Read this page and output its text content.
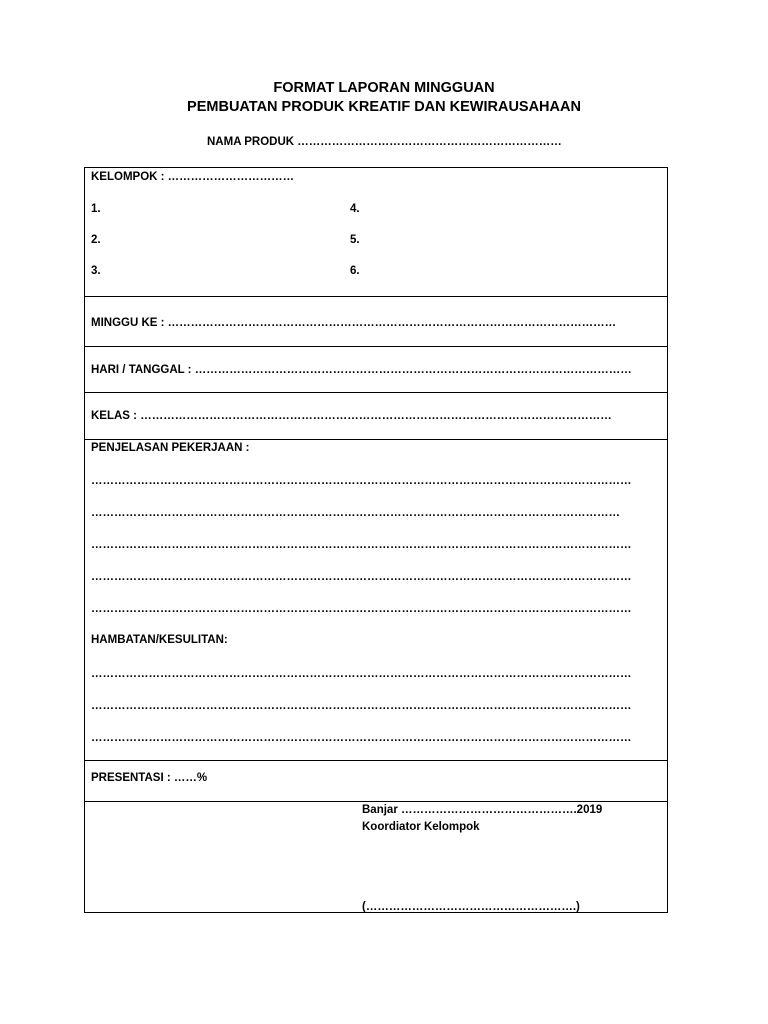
FORMAT LAPORAN MINGGUAN
PEMBUATAN PRODUK KREATIF DAN KEWIRAUSAHAAN
NAMA PRODUK ……………………………………………………………
KELOMPOK : ……………………………
1.
2.
3.
4.
5.
6.
MINGGU KE : ………………………………………………………………………………………………………
HARI / TANGGAL : ……………………………………………………………………………………………………
KELAS : ……………………………………………………………………………………………………………
PENJELASAN PEKERJAAN :
……………………………………………………………………………………………………………………………
…………………………………………………………………………………………………………………………
……………………………………………………………………………………………………………………………
……………………………………………………………………………………………………………………………
……………………………………………………………………………………………………………………………
HAMBATAN/KESULITAN:
……………………………………………………………………………………………………………………………
……………………………………………………………………………………………………………………………
……………………………………………………………………………………………………………………………
PRESENTASI : ……%
Banjar ……………………………………….2019
Koordiator Kelompok
(……………………………………………….)
